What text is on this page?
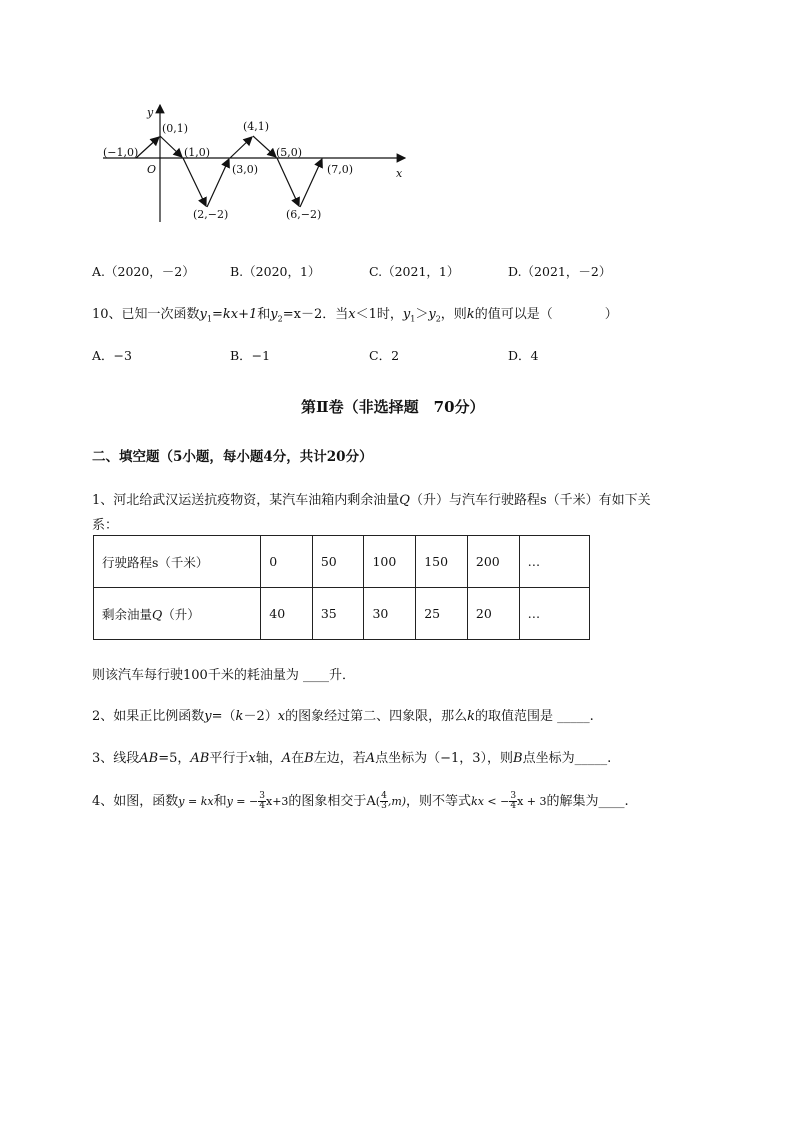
y
x
O
(−1,0)
(0,1)
(1,0)
(2,−2)
(3,0)
(4,1)
(5,0)
(6,−2)
(7,0)
A.（2020，－2）	B.（2020，1）	C.（2021，1）	D.（2021，－2）
10、已知一次函数$y_1=kx+1$和$y_2=x-2$．当x＜1时，$y_1>y_2$，则k的值可以是（　　　　）
A．−3	B．−1	C．2	D．4
第Ⅱ卷（非选择题　70分）
二、填空题（5小题，每小题4分，共计20分）
1、河北给武汉运送抗疫物资，某汽车油箱内剩余油量Q（升）与汽车行驶路程s（千米）有如下关
系：
行驶路程s（千米）	0	50	100	150	200	…
剩余油量Q（升）	40	35	30	25	20	…
则该汽车每行驶100千米的耗油量为 ____升．
2、如果正比例函数y=（k－2）x的图象经过第二、四象限，那么k的取值范围是 _____.
3、线段AB=5，AB平行于x轴，A在B左边，若A点坐标为（−1，3），则B点坐标为_____.
4、如图，函数y = kx和y = − $\frac{3}{4} x+3$的图象相交于$A( \frac{4}{3} ,m)$，则不等式kx < − $\frac{3}{4}$ x + 3的解集为____.
